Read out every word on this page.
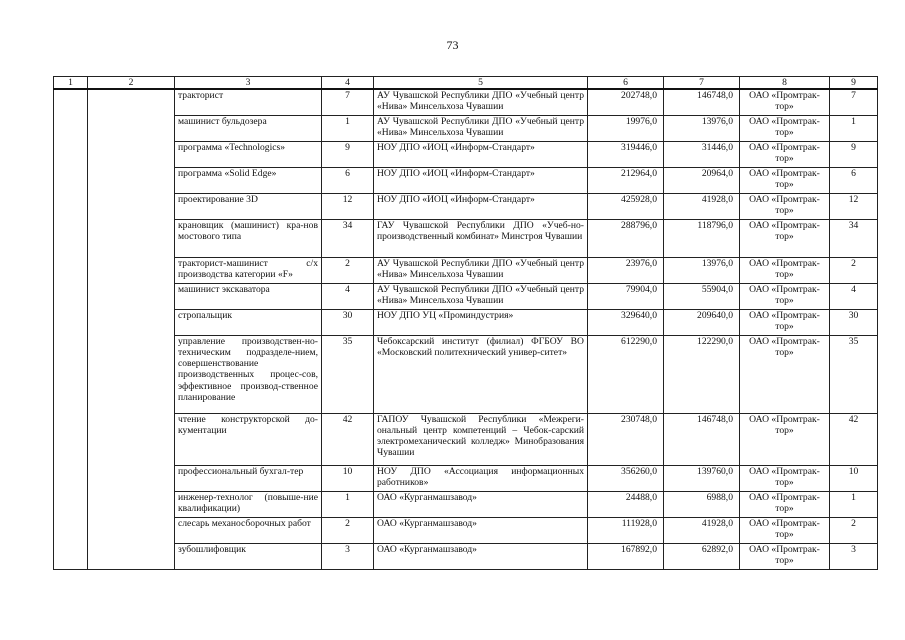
73
1	2	3	4	5	6	7	8	9
		тракторист	7	АУ Чувашской Республики ДПО «Учебный центр «Нива» Минсельхоза Чувашии	202748,0	146748,0	ОАО «Промтрак-тор»	7
		машинист бульдозера	1	АУ Чувашской Республики ДПО «Учебный центр «Нива» Минсельхоза Чувашии	19976,0	13976,0	ОАО «Промтрак-тор»	1
		программа «Technologics»	9	НОУ ДПО «ИОЦ «Информ-Стандарт»	319446,0	31446,0	ОАО «Промтрак-тор»	9
		программа «Solid Edge»	6	НОУ ДПО «ИОЦ «Информ-Стандарт»	212964,0	20964,0	ОАО «Промтрак-тор»	6
		проектирование 3D	12	НОУ ДПО «ИОЦ «Информ-Стандарт»	425928,0	41928,0	ОАО «Промтрак-тор»	12
		крановщик (машинист) кра-нов мостового типа	34	ГАУ Чувашской Республики ДПО «Учеб-но-производственный комбинат» Минстроя Чувашии	288796,0	118796,0	ОАО «Промтрак-тор»	34
		тракторист-машинист с/х производства категории «F»	2	АУ Чувашской Республики ДПО «Учебный центр «Нива» Минсельхоза Чувашии	23976,0	13976,0	ОАО «Промтрак-тор»	2
		машинист экскаватора	4	АУ Чувашской Республики ДПО «Учебный центр «Нива» Минсельхоза Чувашии	79904,0	55904,0	ОАО «Промтрак-тор»	4
		стропальщик	30	НОУ ДПО УЦ «Проминдустрия»	329640,0	209640,0	ОАО «Промтрак-тор»	30
		управление производствен-но-техническим подразделе-нием, совершенствование производственных процес-сов, эффективное производ-ственное планирование	35	Чебоксарский институт (филиал) ФГБОУ ВО «Московский политехнический универ-ситет»	612290,0	122290,0	ОАО «Промтрак-тор»	35
		чтение конструкторской до-кументации	42	ГАПОУ Чувашской Республики «Межреги-ональный центр компетенций – Чебок-сарский электромеханический колледж» Минобразования Чувашии	230748,0	146748,0	ОАО «Промтрак-тор»	42
		профессиональный бухгал-тер	10	НОУ ДПО «Ассоциация информационных работников»	356260,0	139760,0	ОАО «Промтрак-тор»	10
		инженер-технолог (повыше-ние квалификации)	1	ОАО «Курганмашзавод»	24488,0	6988,0	ОАО «Промтрак-тор»	1
		слесарь механосборочных работ	2	ОАО «Курганмашзавод»	111928,0	41928,0	ОАО «Промтрак-тор»	2
		зубошлифовщик	3	ОАО «Курганмашзавод»	167892,0	62892,0	ОАО «Промтрак-тор»	3
